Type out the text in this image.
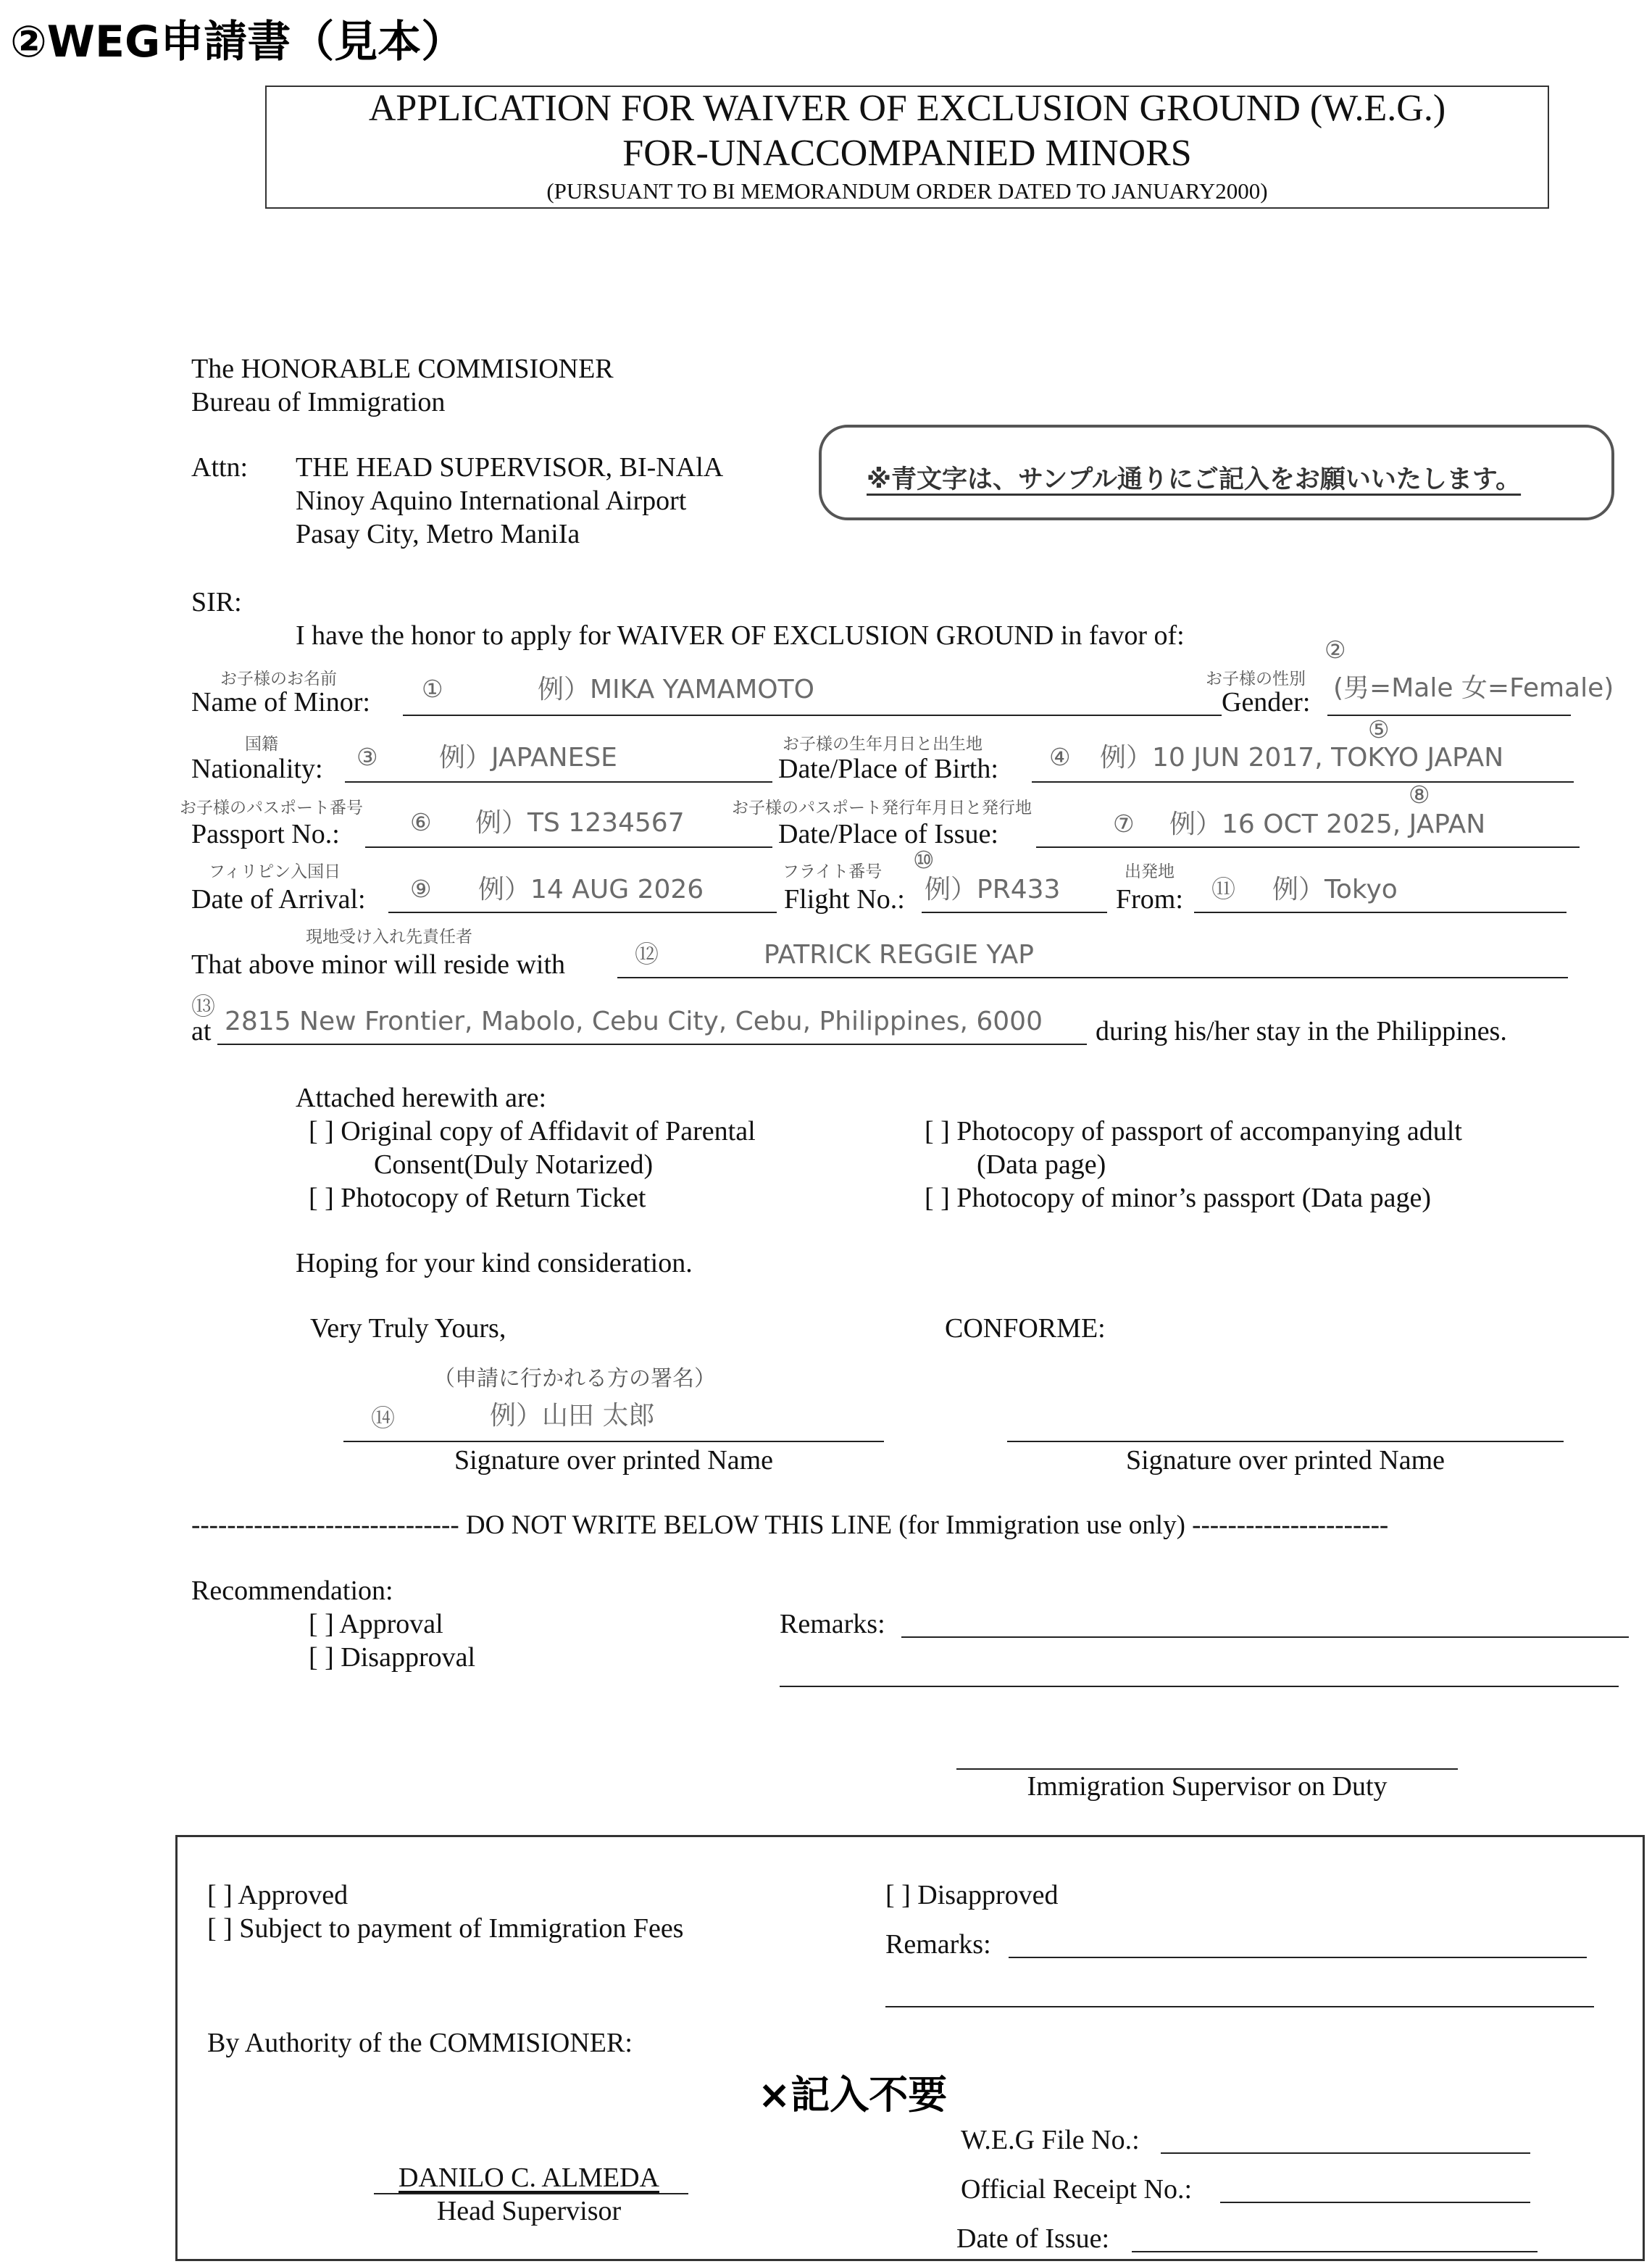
②WEG申請書（見本）
APPLICATION FOR WAIVER OF EXCLUSION GROUND (W.E.G.)
FOR-UNACCOMPANIED MINORS
(PURSUANT TO BI MEMORANDUM ORDER DATED TO JANUARY2000)
The HONORABLE COMMISIONER
Bureau of Immigration
Attn: THE HEAD SUPERVISOR, BI-NAlA
Ninoy Aquino International Airport
Pasay City, Metro ManiIa
※青文字は、サンプル通りにご記入をお願いいたします。
SIR:
I have the honor to apply for WAIVER OF EXCLUSION GROUND in favor of:
お子様のお名前
Name of Minor: ①	例）MIKA YAMAMOTO
②
お子様の性別
Gender: (男=Male 女=Female)
国籍
Nationality: ③ 例）JAPANESE	お子様の生年月日と出生地
Date/Place of Birth: ④ 例）10 JUN 2017, TOKYO JAPAN
⑤
お子様のパスポート番号
Passport No.:	⑥ 例）TS 1234567	お子様のパスポート発行年月日と発行地
Date/Place of Issue:	⑦ 例）16 OCT 2025, JAPAN
⑧
フィリピン入国日
Date of Arrival: ⑨ 例）14 AUG 2026
⑩
フライト番号
Flight No.: 例）PR433
出発地
From: ⑪ 例）Tokyo
現地受け入れ先責任者
That above minor will reside with	⑫	PATRICK REGGIE YAP
⑬
at 2815 New Frontier, Mabolo, Cebu City, Cebu, Philippines, 6000 during his/her stay in the Philippines.
Attached herewith are:
[ ] Original copy of Affidavit of Parental
Consent(Duly Notarized)
[ ] Photocopy of Return Ticket
[ ] Photocopy of passport of accompanying adult
(Data page)
[ ] Photocopy of minor’s passport (Data page)
Hoping for your kind consideration.
Very Truly Yours,	CONFORME:
（申請に行かれる方の署名）
⑭	例）山田 太郎
Signature over printed Name	Signature over printed Name
------------------------------ DO NOT WRITE BELOW THIS LINE (for Immigration use only) ----------------------
Recommendation:
[ ] Approval
[ ] Disapproval
Remarks:
Immigration Supervisor on Duty
[ ] Approved
[ ] Subject to payment of Immigration Fees
[ ] Disapproved
Remarks:
By Authority of the COMMISIONER:
×記入不要
W.E.G File No.:
Official Receipt No.:
Date of Issue:
DANILO C. ALMEDA
Head Supervisor
